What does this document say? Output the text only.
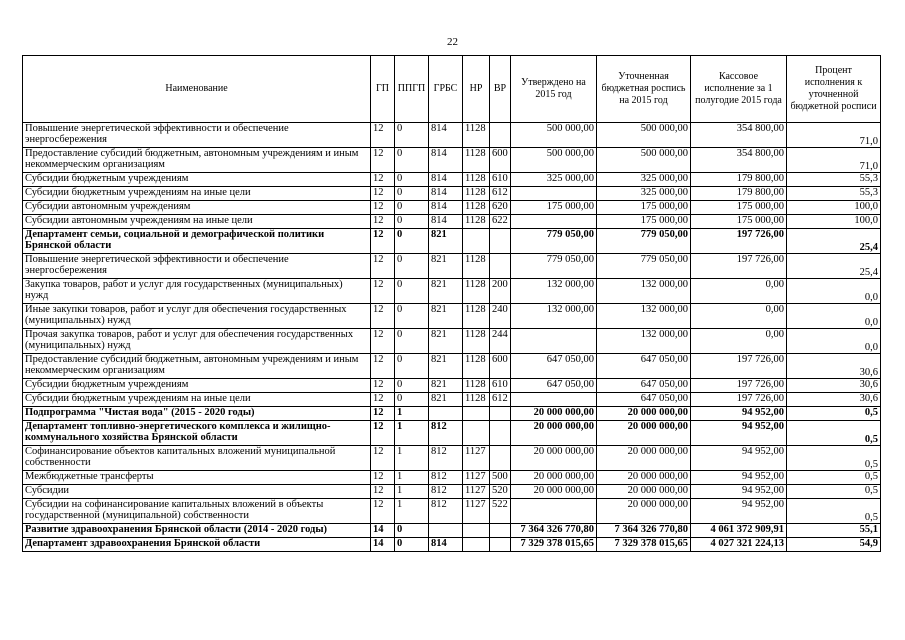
22
Наименование	ГП	ППГП	ГРБС	НР	ВР	Утверждено на 2015 год	Уточненная бюджетная роспись на 2015 год	Кассовое исполнение за 1 полугодие 2015 года	Процент исполнения к уточненной бюджетной росписи
Повышение энергетической эффективности и обеспечение энергосбережения	12	0	814	1128		500 000,00	500 000,00	354 800,00	71,0
Предоставление субсидий бюджетным, автономным учреждениям и иным некоммерческим организациям	12	0	814	1128	600	500 000,00	500 000,00	354 800,00	71,0
Субсидии бюджетным учреждениям	12	0	814	1128	610	325 000,00	325 000,00	179 800,00	55,3
Субсидии бюджетным учреждениям на иные цели	12	0	814	1128	612		325 000,00	179 800,00	55,3
Субсидии автономным учреждениям	12	0	814	1128	620	175 000,00	175 000,00	175 000,00	100,0
Субсидии автономным учреждениям на иные цели	12	0	814	1128	622		175 000,00	175 000,00	100,0
Департамент семьи, социальной и демографической политики Брянской области	12	0	821			779 050,00	779 050,00	197 726,00	25,4
Повышение энергетической эффективности и обеспечение энергосбережения	12	0	821	1128		779 050,00	779 050,00	197 726,00	25,4
Закупка товаров, работ и услуг для государственных (муниципальных) нужд	12	0	821	1128	200	132 000,00	132 000,00	0,00	0,0
Иные закупки товаров, работ и услуг для обеспечения государственных (муниципальных) нужд	12	0	821	1128	240	132 000,00	132 000,00	0,00	0,0
Прочая закупка товаров, работ и услуг для обеспечения государственных (муниципальных) нужд	12	0	821	1128	244		132 000,00	0,00	0,0
Предоставление субсидий бюджетным, автономным учреждениям и иным некоммерческим организациям	12	0	821	1128	600	647 050,00	647 050,00	197 726,00	30,6
Субсидии бюджетным учреждениям	12	0	821	1128	610	647 050,00	647 050,00	197 726,00	30,6
Субсидии бюджетным учреждениям на иные цели	12	0	821	1128	612		647 050,00	197 726,00	30,6
Подпрограмма "Чистая вода" (2015 - 2020 годы)	12	1				20 000 000,00	20 000 000,00	94 952,00	0,5
Департамент топливно-энергетического комплекса и жилищно-коммунального хозяйства Брянской области	12	1	812			20 000 000,00	20 000 000,00	94 952,00	0,5
Софинансирование объектов капитальных вложений муниципальной собственности	12	1	812	1127		20 000 000,00	20 000 000,00	94 952,00	0,5
Межбюджетные трансферты	12	1	812	1127	500	20 000 000,00	20 000 000,00	94 952,00	0,5
Субсидии	12	1	812	1127	520	20 000 000,00	20 000 000,00	94 952,00	0,5
Субсидии на софинансирование капитальных вложений в объекты государственной (муниципальной) собственности	12	1	812	1127	522		20 000 000,00	94 952,00	0,5
Развитие здравоохранения Брянской области (2014 - 2020 годы)	14	0				7 364 326 770,80	7 364 326 770,80	4 061 372 909,91	55,1
Департамент здравоохранения Брянской области	14	0	814			7 329 378 015,65	7 329 378 015,65	4 027 321 224,13	54,9
